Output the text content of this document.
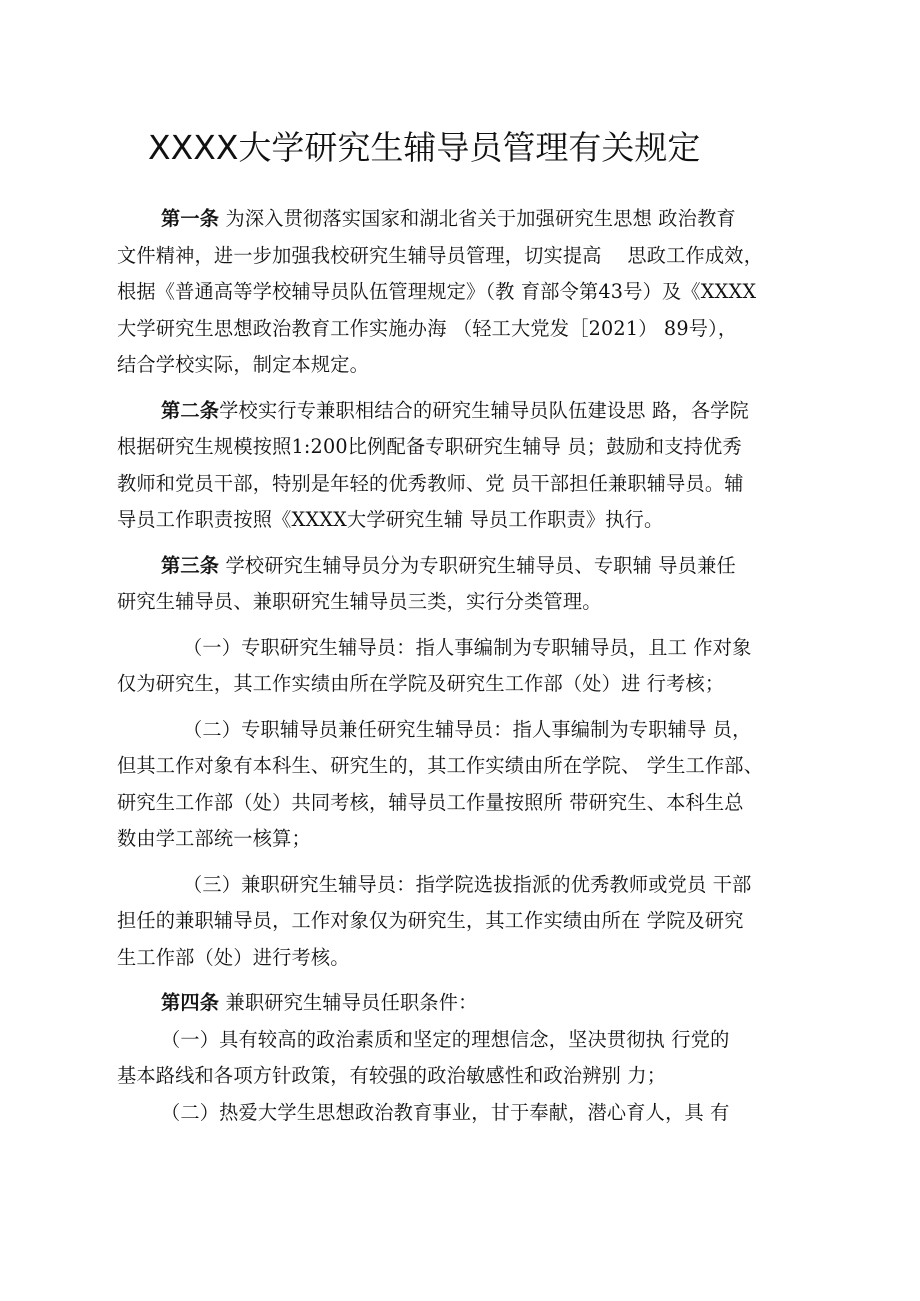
XXXX大学研究生辅导员管理有关规定

第一条 为深入贯彻落实国家和湖北省关于加强研究生思想 政治教育
文件精神，进一步加强我校研究生辅导员管理，切实提高　 思政工作成效，
根据《普通高等学校辅导员队伍管理规定》（教 育部令第43号）及《XXXX
大学研究生思想政治教育工作实施办海 （轻工大党发［2021） 89号），
结合学校实际，制定本规定。

第二条学校实行专兼职相结合的研究生辅导员队伍建设思 路，各学院
根据研究生规模按照1:200比例配备专职研究生辅导 员；鼓励和支持优秀
教师和党员干部，特别是年轻的优秀教师、党 员干部担任兼职辅导员。辅
导员工作职责按照《XXXX大学研究生辅 导员工作职责》执行。

第三条 学校研究生辅导员分为专职研究生辅导员、专职辅 导员兼任
研究生辅导员、兼职研究生辅导员三类，实行分类管理。

（一）专职研究生辅导员：指人事编制为专职辅导员，且工 作对象
仅为研究生，其工作实绩由所在学院及研究生工作部（处）进 行考核；

（二）专职辅导员兼任研究生辅导员：指人事编制为专职辅导 员，
但其工作对象有本科生、研究生的，其工作实绩由所在学院、 学生工作部、
研究生工作部（处）共同考核，辅导员工作量按照所 带研究生、本科生总
数由学工部统一核算；

（三）兼职研究生辅导员：指学院选拔指派的优秀教师或党员 干部
担任的兼职辅导员，工作对象仅为研究生，其工作实绩由所在 学院及研究
生工作部（处）进行考核。

第四条 兼职研究生辅导员任职条件：

（一）具有较高的政治素质和坚定的理想信念，坚决贯彻执 行党的
基本路线和各项方针政策，有较强的政治敏感性和政治辨别 力；

（二）热爱大学生思想政治教育事业，甘于奉献，潜心育人，具 有
